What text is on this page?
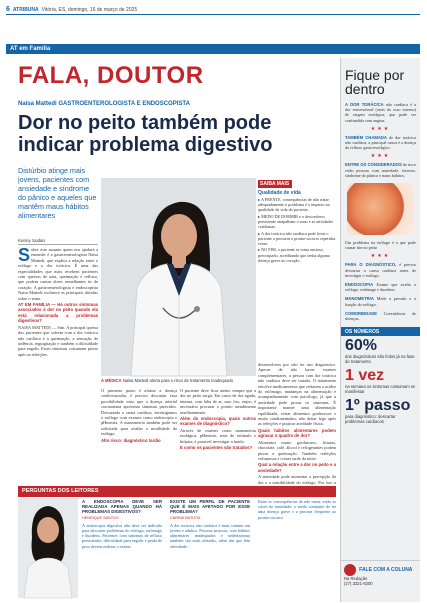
6 ATRIBUNA Vitória, ES, domingo, 16 de março de 2025
AT em Família
FALA, DOUTOR
Naisa Mattedi GASTROENTEROLOGISTA E ENDOSCOPISTA
Dor no peito também pode indicar problema digestivo
Distúrbio atinge mais jovens, pacientes com ansiedade e síndrome do pânico e aqueles que mantêm maus hábitos alimentares
Kenny Sodan

Sobre este assunto quem nos ajudará a entender é a gastroenterologista Naisa Mattedi, que explica a relação entre o esôfago e a dor torácica. É uma das especialidades que mais recebem pacientes com queixas de azia, queimação e refluxo, que podem causar dores semelhantes às do coração. A gastroenterologista e endoscopista Naisa Mattedi esclarece as principais dúvidas sobre o tema.

AT EM FAMÍLIA — Há outros sintomas associados à dor no peito quando ela está relacionada a problemas digestivos?

NAISA MATTEDI — Sim. A principal queixa dos pacientes que sofrem com a dor torácica não cardíaca é a queimação, a sensação de ardência, regurgitação e também a dificuldade para engolir. Esses sintomas costumam piorar após as refeições.

A MÉDICA Naisa Mattedi alerta para o risco de tratamento inadequado
SAIBA MAIS
Qualidade de vida
▸ A FRENTE, consequências de não tratar adequadamente o problema é o impacto na qualidade de vida do paciente.
▸ MEDO DE DORMIR e o desconforto persistente atrapalham o sono e as atividades cotidianas.
▸ A dor torácica não cardíaca pode levar o paciente a procurar o pronto-socorro repetidas vezes.
▸ NO FIM, o paciente se torna ansioso, preocupado, acreditando que tenha alguma doença grave no coração.

O primeiro passo é afastar a doença cardiovascular, é preciso descartar essa possibilidade visto que a doença arterial coronariana apresenta sintomas parecidos. Descartada a causa cardíaca, investigamos o esôfago com exames como endoscopia e pHmetria. A manometria também pode ser solicitada para avaliar a motilidade do esôfago.

Alto risco: diagnóstico tardio

O paciente deve ficar atento sempre que a dor no peito surgir. Em casos de dor aguda, intensa, com falta de ar, suor frio, enjoo, é necessário procurar o pronto atendimento imediatamente.

Além do endoscopia, quais outros exames de diagnóstico?

Através de exames como manometria esofágica, pHmetria, teste de estímulo e biópsia, é possível investigar a fundo.

E como os pacientes são tratados?

desenvolvem por não ter um diagnóstico. Apesar de não haver exames complementares, a pessoa com dor torácica não cardíaca deve ser tratada. O tratamento envolve medicamentos que reduzem a acidez do estômago, mudanças na alimentação e acompanhamento com psicólogo, já que a ansiedade pode piorar os sintomas. É importante manter uma alimentação equilibrada, evitar alimentos gordurosos e muito condimentados, não deitar logo após as refeições e praticar atividade física.

Quais hábitos alimentares podem agravar o quadro de dor?

Alimentos muito gordurosos, frituras, chocolate, café, álcool e refrigerantes podem piorar a queimação. Também refeições volumosas e comer tarde da noite.

Qual a relação entre a dor no peito e a ansiedade?

A ansiedade pode aumentar a percepção da dor e a sensibilidade do esôfago. Por isso a

Fique por dentro
A DOR TORÁCICA não cardíaca é a dor retroesternal (atrás do osso esterno) de origem esofágica, que pode ser confundida com angina.
★★★
TAMBÉM CHAMADA de dor torácica não cardíaca, a principal causa é a doença do refluxo gastroesofágico.
★★★
ENTRE OS CONSIDERADOS de risco estão pessoas com ansiedade, estresse, síndrome do pânico e maus hábitos.
Um problema na esôfago é o que pode causar dor no peito
★★★
PARA O DIAGNÓSTICO, é preciso descartar a causa cardíaca antes de investigar o esôfago.
ENDOSCOPIA Exame que avalia o esôfago, estômago e duodeno.
MANOMETRIA Mede a pressão e a função do esôfago.
COMORBIDADE Coexistência de doenças.
OS NÚMEROS
60%
dos diagnósticos são feitos já na fase de tratamento
1 vez
na semana os sintomas costumam se manifestar
1º passo
para diagnóstico: descartar problemas cardíacos
FALE COM A COLUNA
Na Redação
(27) 3321-8200
PERGUNTAS DOS LEITORES
A ENDOSCOPIA DEVE SER REALIZADA APENAS QUANDO HÁ PROBLEMAS DIGESTIVOS?
HENRIQUE SANTOS
A endoscopia digestiva alta deve ser indicada para descartar problemas do esôfago, estômago e duodeno. Pacientes com sintomas de refluxo persistentes, dificuldade para engolir e perda de peso devem realizar o exame.
EXISTE UM PERFIL DE PACIENTE QUE É MAIS AFETADO POR ESSE PROBLEMA?
CARINA BATISTA
A dor torácica não cardíaca é mais comum em jovens e adultos. Pessoas ansiosas, com hábitos alimentares inadequados e sedentarismo também são mais afetadas, além das que têm obesidade.
Entre as consequências de não tratar, estão as crises de ansiedade, o medo constante de ter uma doença grave e a procura frequente ao pronto-socorro.
